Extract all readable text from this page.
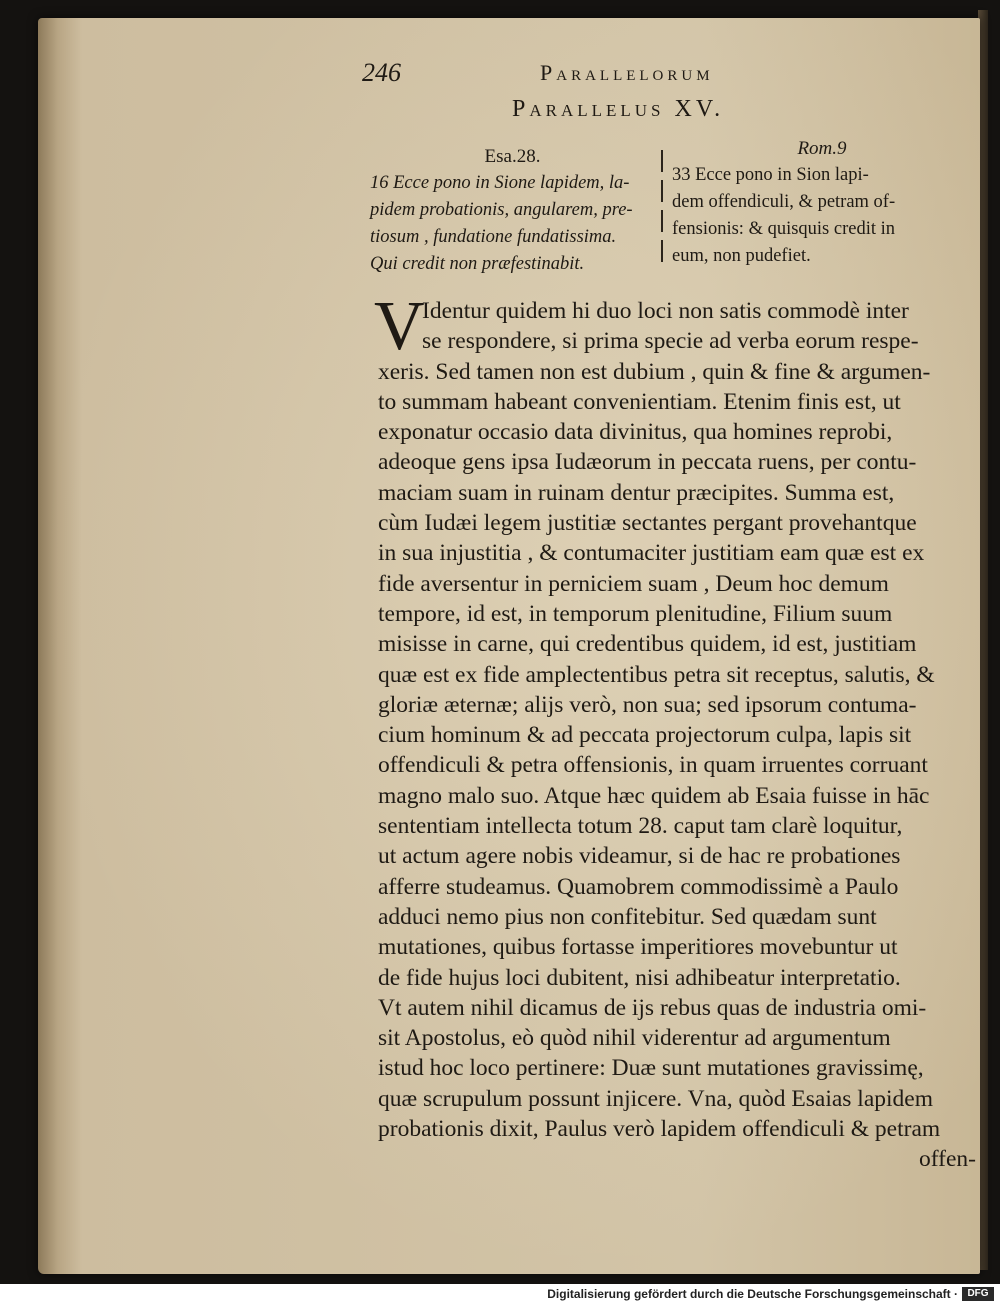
246	Parallelorum
Parallelus XV.
Esa.28.
16 Ecce pono in Sione lapidem, la-
pidem probationis, angularem, pre-
tiosum , fundatione fundatissima.
Qui credit non præfestinabit.
Rom.9
33 Ecce pono in Sion lapi-
dem offendiculi, & petram of-
fensionis: & quisquis credit in
eum, non pudefiet.
V
Identur quidem hi duo loci non satis commodè inter
se respondere, si prima specie ad verba eorum respe-
xeris. Sed tamen non est dubium , quin & fine & argumen-
to summam habeant convenientiam. Etenim finis est, ut
exponatur occasio data divinitus, qua homines reprobi,
adeoque gens ipsa Iudæorum in peccata ruens, per contu-
maciam suam in ruinam dentur præcipites. Summa est,
cùm Iudæi legem justitiæ sectantes pergant provehantque
in sua injustitia , & contumaciter justitiam eam quæ est ex
fide aversentur in perniciem suam , Deum hoc demum
tempore, id est, in temporum plenitudine, Filium suum
misisse in carne, qui credentibus quidem, id est, justitiam
quæ est ex fide amplectentibus petra sit receptus, salutis, &
gloriæ æternæ; alijs verò, non sua; sed ipsorum contuma-
cium hominum & ad peccata projectorum culpa, lapis sit
offendiculi & petra offensionis, in quam irruentes corruant
magno malo suo. Atque hæc quidem ab Esaia fuisse in hāc
sententiam intellecta totum 28. caput tam clarè loquitur,
ut actum agere nobis videamur, si de hac re probationes
afferre studeamus. Quamobrem commodissimè a Paulo
adduci nemo pius non confitebitur. Sed quædam sunt
mutationes, quibus fortasse imperitiores movebuntur ut
de fide hujus loci dubitent, nisi adhibeatur interpretatio.
Vt autem nihil dicamus de ijs rebus quas de industria omi-
sit Apostolus, eò quòd nihil viderentur ad argumentum
istud hoc loco pertinere: Duæ sunt mutationes gravissimę,
quæ scrupulum possunt injicere. Vna, quòd Esaias lapidem
probationis dixit, Paulus verò lapidem offendiculi & petram
offen-
Digitalisierung gefördert durch die Deutsche Forschungsgemeinschaft · DFG
